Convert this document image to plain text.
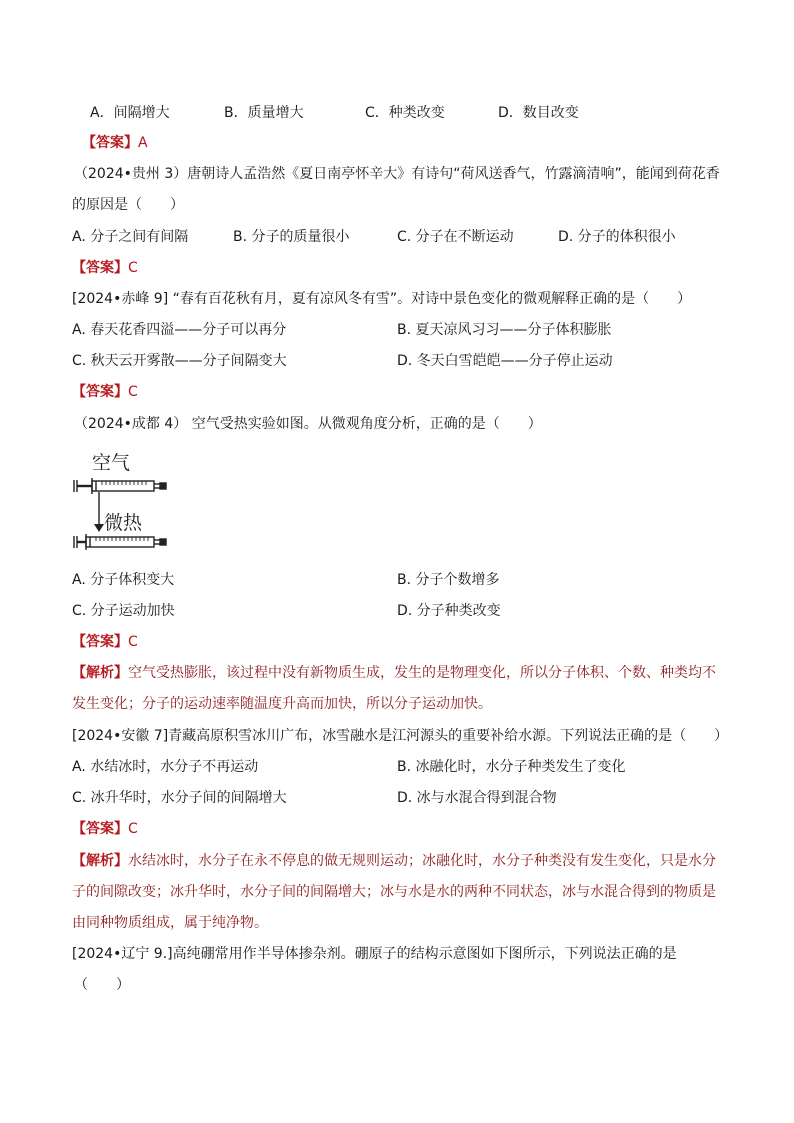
A．间隔增大	B．质量增大	C．种类改变	D．数目改变
【答案】A
（2024•贵州 3）唐朝诗人孟浩然《夏日南亭怀辛大》有诗句“荷风送香气，竹露滴清响”，能闻到荷花香
的原因是（　　）
A. 分子之间有间隔	B. 分子的质量很小	C. 分子在不断运动	D. 分子的体积很小
【答案】C
[2024•赤峰 9] “春有百花秋有月，夏有凉风冬有雪”。对诗中景色变化的微观解释正确的是（　　）
A. 春天花香四溢——分子可以再分	B. 夏天凉风习习——分子体积膨胀
C. 秋天云开雾散——分子间隔变大	D. 冬天白雪皑皑——分子停止运动
【答案】C
（2024•成都 4） 空气受热实验如图。从微观角度分析，正确的是（　　）
空气
微热
A. 分子体积变大	B. 分子个数增多
C. 分子运动加快	D. 分子种类改变
【答案】C
【解析】空气受热膨胀，该过程中没有新物质生成，发生的是物理变化，所以分子体积、个数、种类均不
发生变化；分子的运动速率随温度升高而加快，所以分子运动加快。
[2024•安徽 7]青藏高原积雪冰川广布，冰雪融水是江河源头的重要补给水源。下列说法正确的是（　　）
A. 水结冰时，水分子不再运动	B. 冰融化时，水分子种类发生了变化
C. 冰升华时，水分子间的间隔增大	D. 冰与水混合得到混合物
【答案】C
【解析】水结冰时，水分子在永不停息的做无规则运动；冰融化时，水分子种类没有发生变化，只是水分
子的间隙改变；冰升华时，水分子间的间隔增大；冰与水是水的两种不同状态，冰与水混合得到的物质是
由同种物质组成，属于纯净物。
[2024•辽宁 9.]高纯硼常用作半导体掺杂剂。硼原子的结构示意图如下图所示，下列说法正确的是
（　　）
